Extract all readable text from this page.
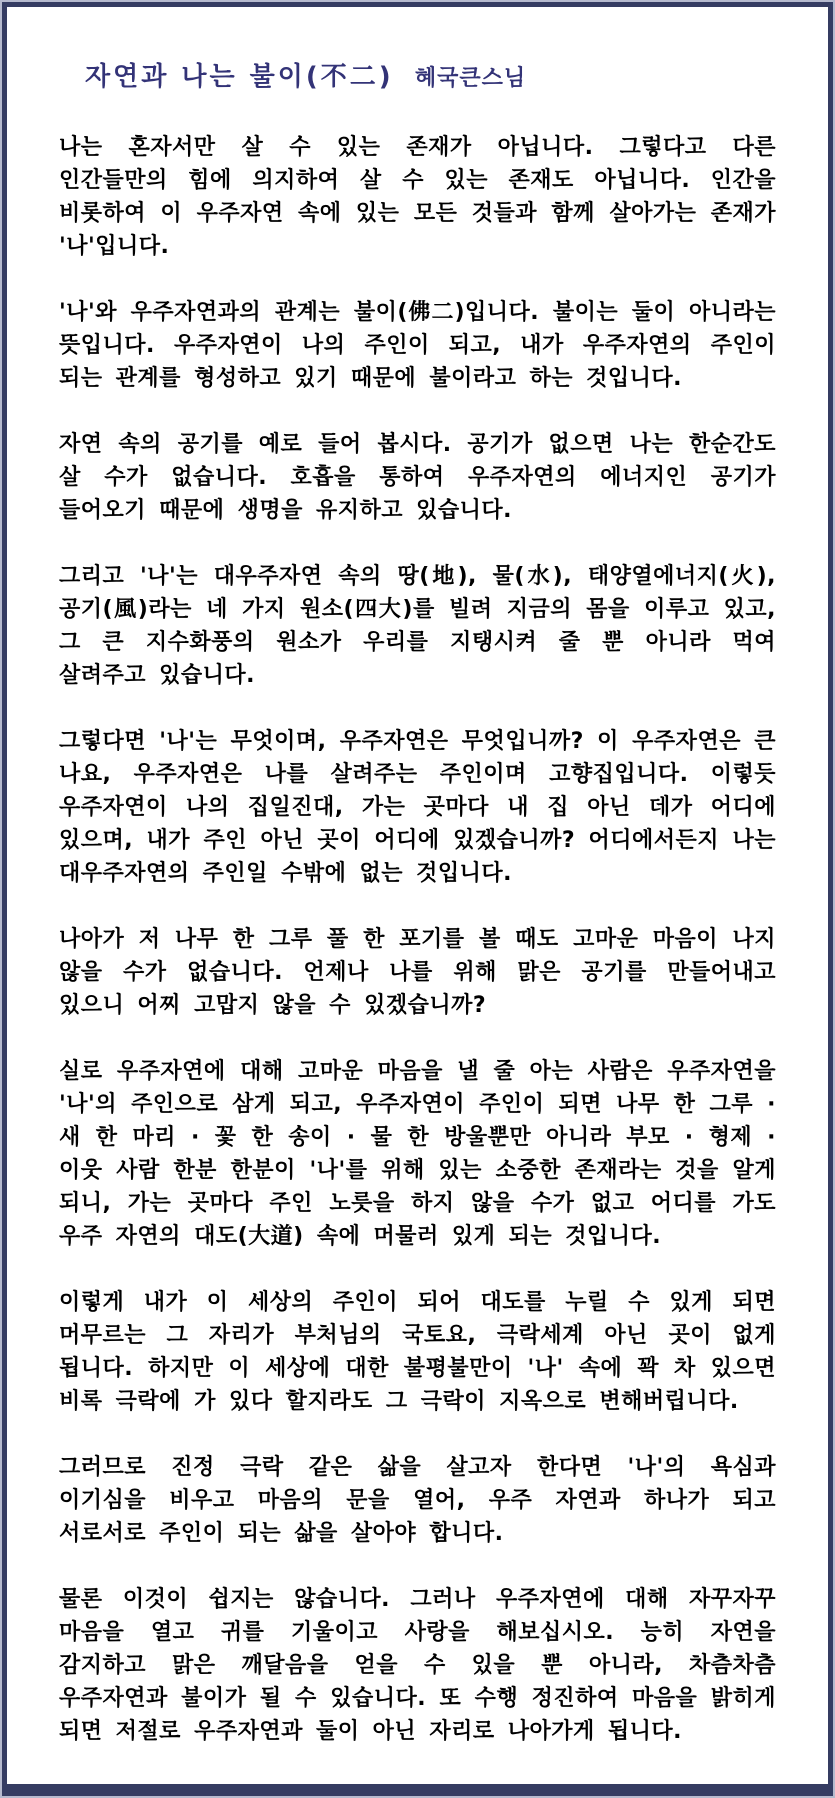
자연과 나는 불이(不二) 혜국큰스님

나는 혼자서만 살 수 있는 존재가 아닙니다. 그렇다고 다른 인간들만의 힘에 의지하여 살 수 있는 존재도 아닙니다. 인간을 비롯하여 이 우주자연 속에 있는 모든 것들과 함께 살아가는 존재가 '나'입니다.

'나'와 우주자연과의 관계는 불이(佛二)입니다. 불이는 둘이 아니라는 뜻입니다. 우주자연이 나의 주인이 되고, 내가 우주자연의 주인이 되는 관계를 형성하고 있기 때문에 불이라고 하는 것입니다.

자연 속의 공기를 예로 들어 봅시다. 공기가 없으면 나는 한순간도 살 수가 없습니다. 호흡을 통하여 우주자연의 에너지인 공기가 들어오기 때문에 생명을 유지하고 있습니다.

그리고 '나'는 대우주자연 속의 땅(地), 물(水), 태양열에너지(火), 공기(風)라는 네 가지 원소(四大)를 빌려 지금의 몸을 이루고 있고, 그 큰 지수화풍의 원소가 우리를 지탱시켜 줄 뿐 아니라 먹여 살려주고 있습니다.

그렇다면 '나'는 무엇이며, 우주자연은 무엇입니까? 이 우주자연은 큰 나요, 우주자연은 나를 살려주는 주인이며 고향집입니다. 이렇듯 우주자연이 나의 집일진대, 가는 곳마다 내 집 아닌 데가 어디에 있으며, 내가 주인 아닌 곳이 어디에 있겠습니까? 어디에서든지 나는 대우주자연의 주인일 수밖에 없는 것입니다.

나아가 저 나무 한 그루 풀 한 포기를 볼 때도 고마운 마음이 나지 않을 수가 없습니다. 언제나 나를 위해 맑은 공기를 만들어내고 있으니 어찌 고맙지 않을 수 있겠습니까?

실로 우주자연에 대해 고마운 마음을 낼 줄 아는 사람은 우주자연을 '나'의 주인으로 삼게 되고, 우주자연이 주인이 되면 나무 한 그루 · 새 한 마리 · 꽃 한 송이 · 물 한 방울뿐만 아니라 부모 · 형제 · 이웃 사람 한분 한분이 '나'를 위해 있는 소중한 존재라는 것을 알게 되니, 가는 곳마다 주인 노릇을 하지 않을 수가 없고 어디를 가도 우주 자연의 대도(大道) 속에 머물러 있게 되는 것입니다.

이렇게 내가 이 세상의 주인이 되어 대도를 누릴 수 있게 되면 머무르는 그 자리가 부처님의 국토요, 극락세계 아닌 곳이 없게 됩니다. 하지만 이 세상에 대한 불평불만이 '나' 속에 꽉 차 있으면 비록 극락에 가 있다 할지라도 그 극락이 지옥으로 변해버립니다.

그러므로 진정 극락 같은 삶을 살고자 한다면 '나'의 욕심과 이기심을 비우고 마음의 문을 열어, 우주 자연과 하나가 되고 서로서로 주인이 되는 삶을 살아야 합니다.

물론 이것이 쉽지는 않습니다. 그러나 우주자연에 대해 자꾸자꾸 마음을 열고 귀를 기울이고 사랑을 해보십시오. 능히 자연을 감지하고 맑은 깨달음을 얻을 수 있을 뿐 아니라, 차츰차츰 우주자연과 불이가 될 수 있습니다. 또 수행 정진하여 마음을 밝히게 되면 저절로 우주자연과 둘이 아닌 자리로 나아가게 됩니다.
